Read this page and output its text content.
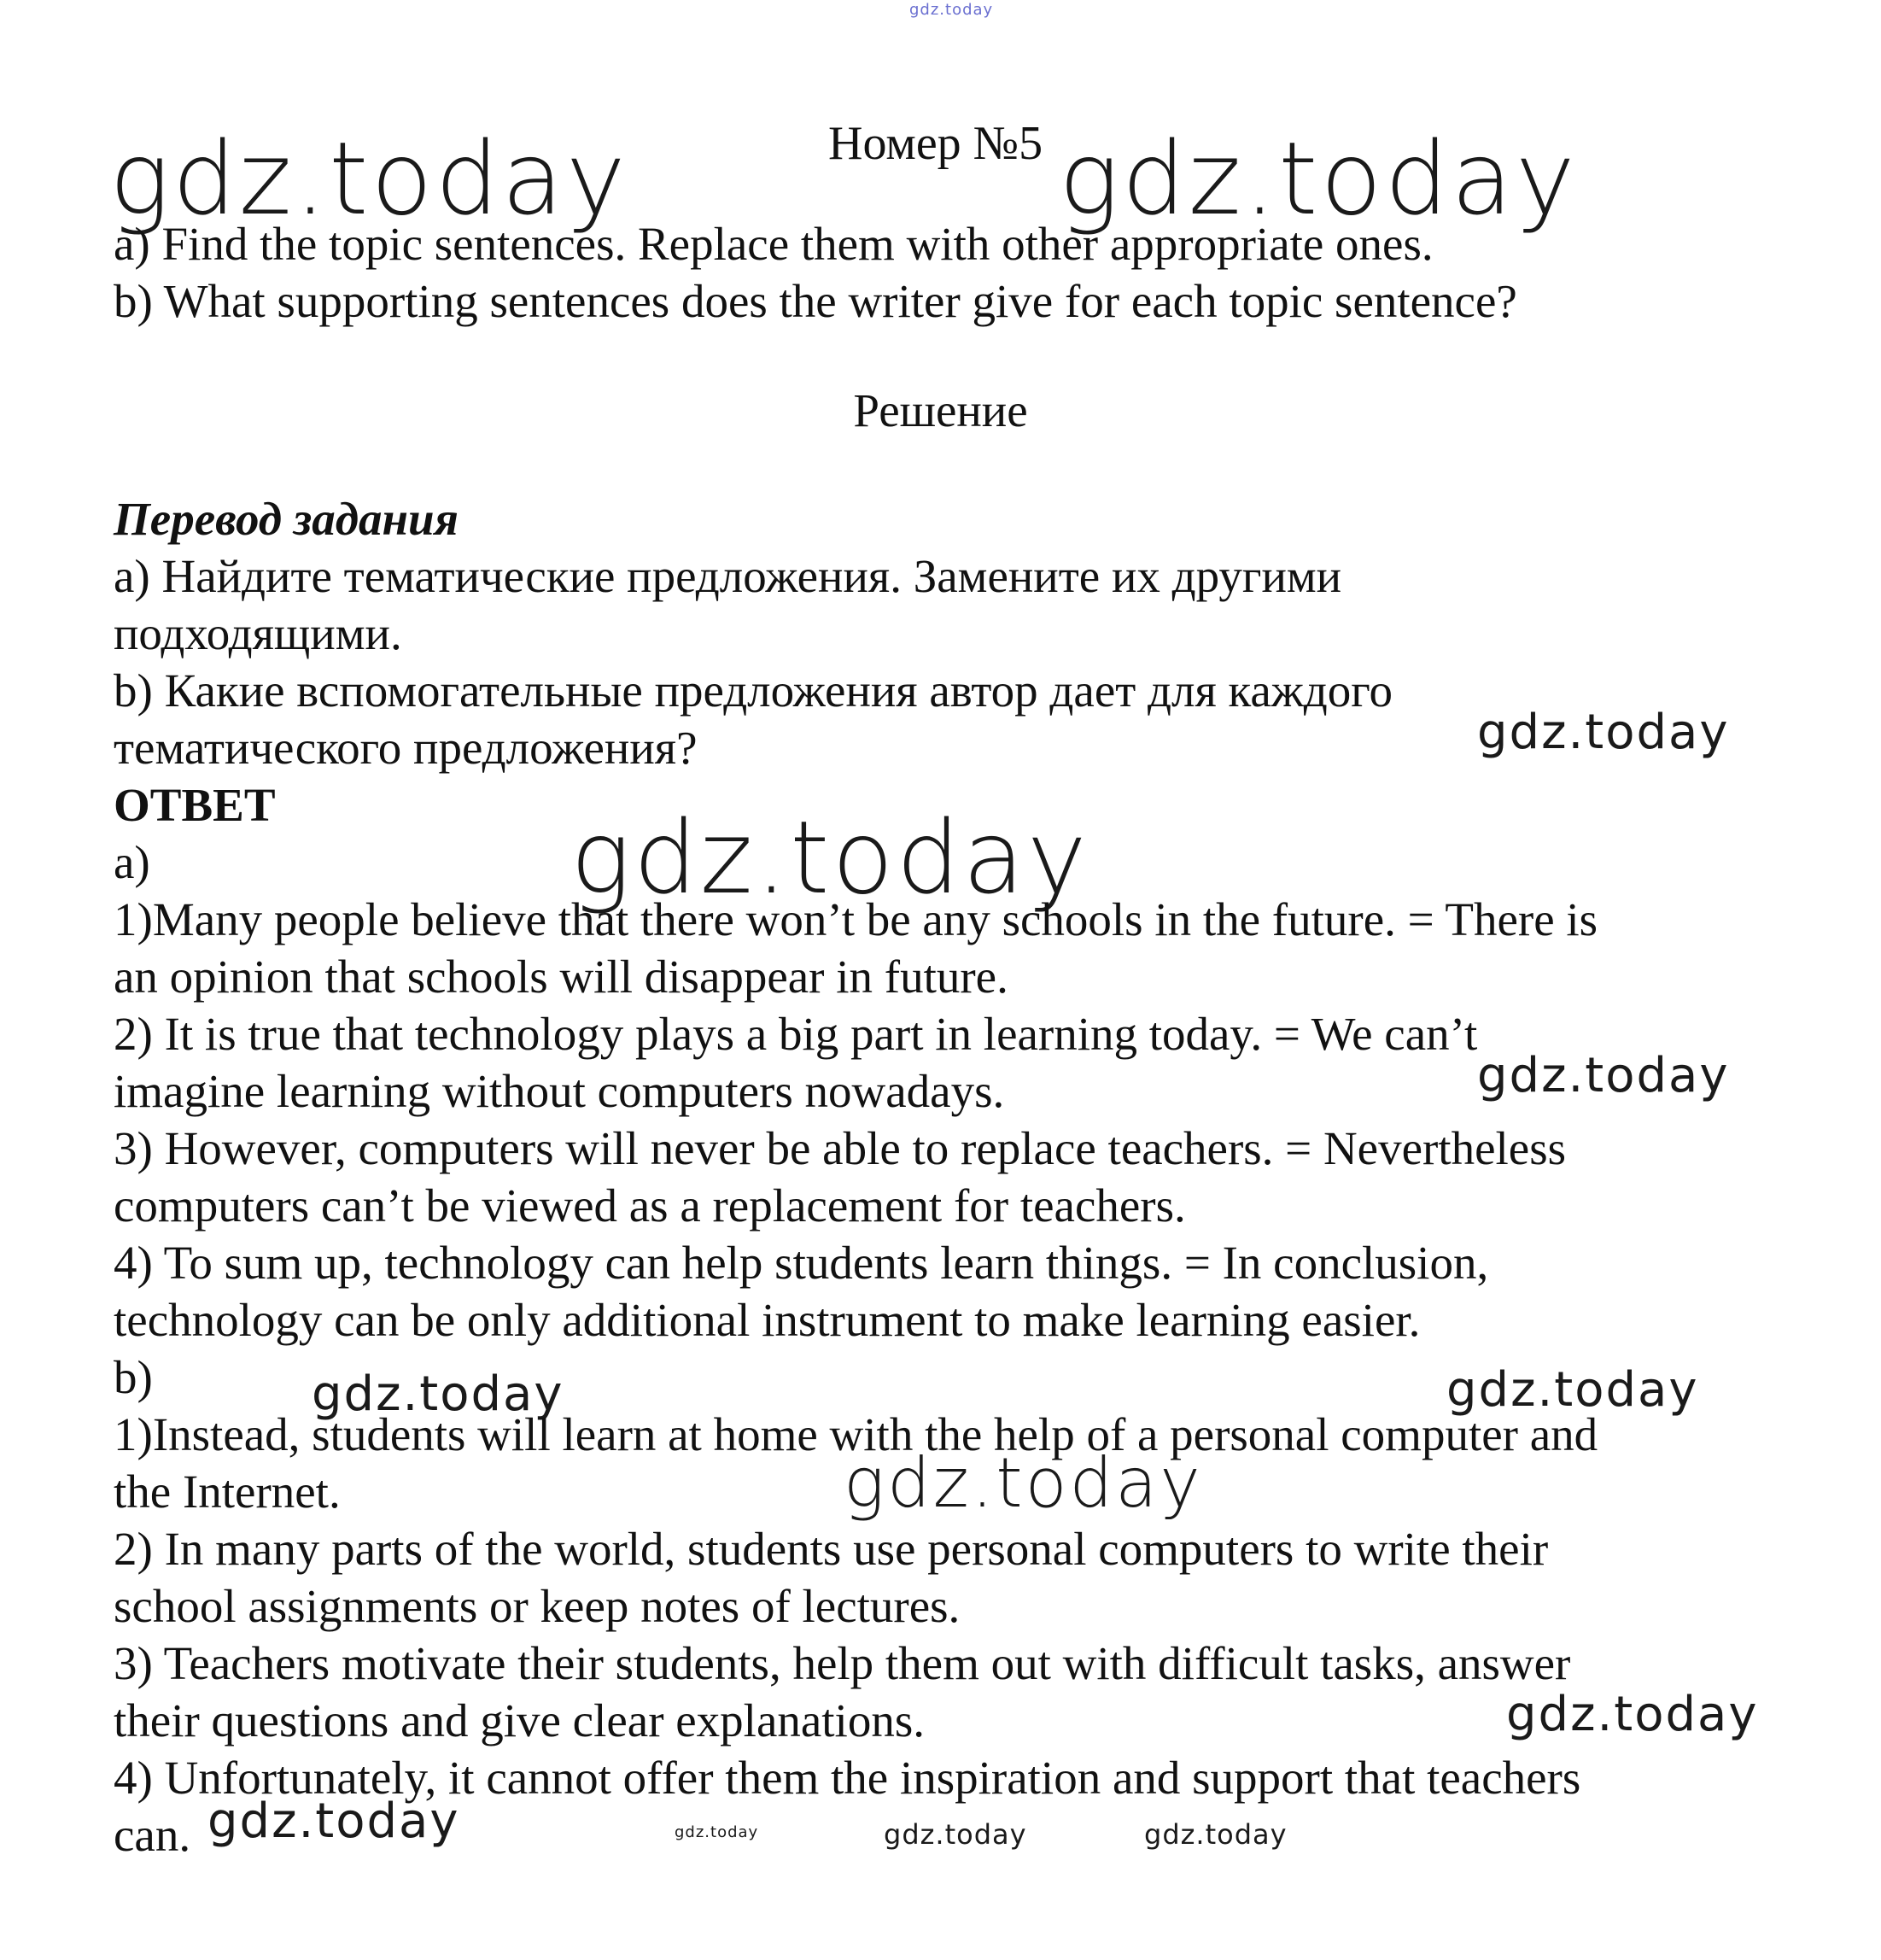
gdz.today
gdz.today	gdz.today
gdz.today
gdz.today
gdz.today
gdz.today	gdz.today
gdz.today
gdz.today
gdz.today	gdz.today	gdz.today	gdz.today

Номер №5

a) Find the topic sentences. Replace them with other appropriate ones.

b) What supporting sentences does the writer give for each topic sentence?

Решение

Перевод задания

a) Найдите тематические предложения. Замените их другими

подходящими.

b) Какие вспомогательные предложения автор дает для каждого

тематического предложения?

ОТВЕТ

a)

1)Many people believe that there won’t be any schools in the future. = There is

an opinion that schools will disappear in future.

2) It is true that technology plays a big part in learning today. = We can’t

imagine learning without computers nowadays.

3) However, computers will never be able to replace teachers. = Nevertheless

computers can’t be viewed as a replacement for teachers.

4) To sum up, technology can help students learn things. = In conclusion,

technology can be only additional instrument to make learning easier.

b)

1)Instead, students will learn at home with the help of a personal computer and

the Internet.

2) In many parts of the world, students use personal computers to write their

school assignments or keep notes of lectures.

3) Teachers motivate their students, help them out with difficult tasks, answer

their questions and give clear explanations.

4) Unfortunately, it cannot offer them the inspiration and support that teachers

can.
